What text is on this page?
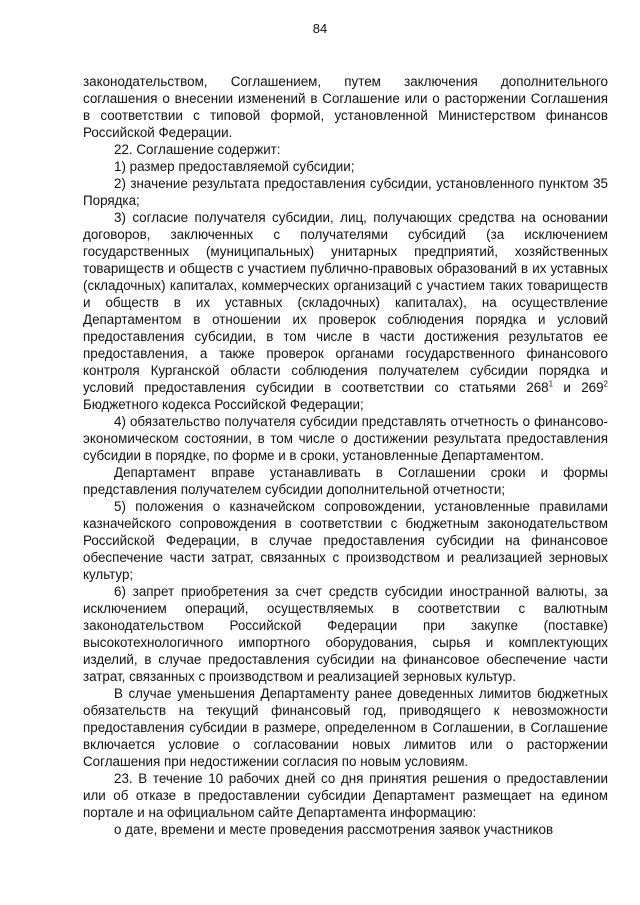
84

законодательством, Соглашением, путем заключения дополнительного соглашения о внесении изменений в Соглашение или о расторжении Соглашения в соответствии с типовой формой, установленной Министерством финансов Российской Федерации.

22. Соглашение содержит:

1) размер предоставляемой субсидии;

2) значение результата предоставления субсидии, установленного пунктом 35 Порядка;

3) согласие получателя субсидии, лиц, получающих средства на основании договоров, заключенных с получателями субсидий (за исключением государственных (муниципальных) унитарных предприятий, хозяйственных товариществ и обществ с участием публично-правовых образований в их уставных (складочных) капиталах, коммерческих организаций с участием таких товариществ и обществ в их уставных (складочных) капиталах), на осуществление Департаментом в отношении их проверок соблюдения порядка и условий предоставления субсидии, в том числе в части достижения результатов ее предоставления, а также проверок органами государственного финансового контроля Курганской области соблюдения получателем субсидии порядка и условий предоставления субсидии в соответствии со статьями $268^1$ и $269^2$ Бюджетного кодекса Российской Федерации;

4) обязательство получателя субсидии представлять отчетность о финансово-экономическом состоянии, в том числе о достижении результата предоставления субсидии в порядке, по форме и в сроки, установленные Департаментом.

Департамент вправе устанавливать в Соглашении сроки и формы представления получателем субсидии дополнительной отчетности;

5) положения о казначейском сопровождении, установленные правилами казначейского сопровождения в соответствии с бюджетным законодательством Российской Федерации, в случае предоставления субсидии на финансовое обеспечение части затрат, связанных с производством и реализацией зерновых культур;

6) запрет приобретения за счет средств субсидии иностранной валюты, за исключением операций, осуществляемых в соответствии с валютным законодательством Российской Федерации при закупке (поставке) высокотехнологичного импортного оборудования, сырья и комплектующих изделий, в случае предоставления субсидии на финансовое обеспечение части затрат, связанных с производством и реализацией зерновых культур.

В случае уменьшения Департаменту ранее доведенных лимитов бюджетных обязательств на текущий финансовый год, приводящего к невозможности предоставления субсидии в размере, определенном в Соглашении, в Соглашение включается условие о согласовании новых лимитов или о расторжении Соглашения при недостижении согласия по новым условиям.

23. В течение 10 рабочих дней со дня принятия решения о предоставлении или об отказе в предоставлении субсидии Департамент размещает на едином портале и на официальном сайте Департамента информацию:

о дате, времени и месте проведения рассмотрения заявок участников
